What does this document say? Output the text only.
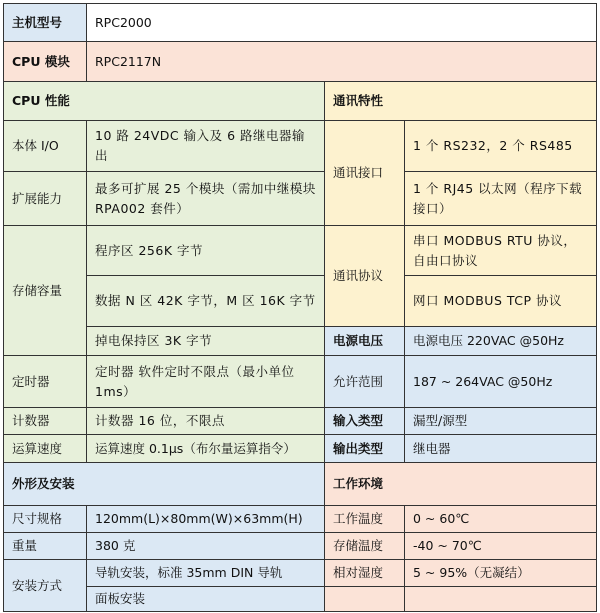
主机型号	RPC2000		
CPU 模块	RPC2117N		
CPU 性能		通讯特性	
本体 I/O	10 路 24VDC 输入及 6 路继电器输出	通讯接口	1 个 RS232，2 个 RS485
扩展能力	最多可扩展 25 个模块（需加中继模块 RPA002 套件）		1 个 RJ45 以太网（程序下载接口）
存储容量	程序区 256K 字节	通讯协议	串口 MODBUS RTU 协议，自由口协议
	数据 N 区 42K 字节，M 区 16K 字节		网口 MODBUS TCP 协议
	掉电保持区 3K 字节	电源电压	电源电压 220VAC @50Hz
定时器	定时器 软件定时不限点（最小单位 1ms）	允许范围	187 ~ 264VAC @50Hz
计数器	计数器 16 位，不限点	输入类型	漏型/源型
运算速度	运算速度 0.1μs（布尔量运算指令）	输出类型	继电器
外形及安装		工作环境	
尺寸规格	120mm(L)×80mm(W)×63mm(H)	工作温度	0 ~ 60℃
重量	380 克	存储温度	-40 ~ 70℃
安装方式	导轨安装，标准 35mm DIN 导轨	相对湿度	5 ~ 95%（无凝结）
	面板安装		
